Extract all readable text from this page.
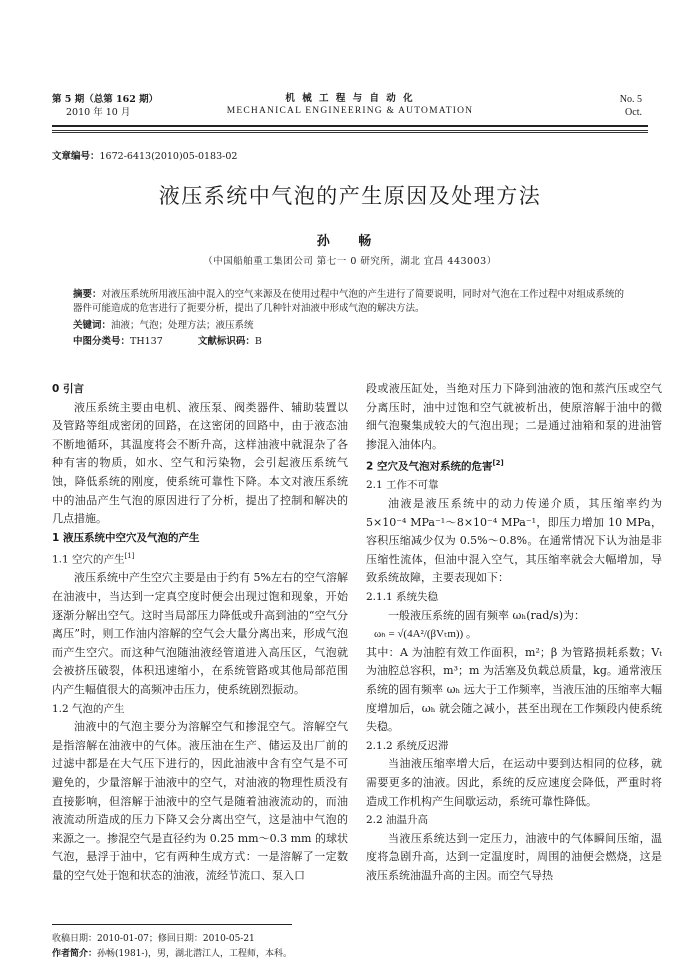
第 5 期（总第 162 期）
2010 年 10 月
机 械 工 程 与 自 动 化
MECHANICAL ENGINEERING & AUTOMATION
No. 5
Oct.
文章编号：1672-6413(2010)05-0183-02
液压系统中气泡的产生原因及处理方法
孙 畅
（中国船舶重工集团公司 第七一 0 研究所，湖北 宜昌 443003）
摘要：对液压系统所用液压油中混入的空气来源及在使用过程中气泡的产生进行了简要说明，同时对气泡在工作过程中对组成系统的器件可能造成的危害进行了扼要分析，提出了几种针对油液中形成气泡的解决方法。
关键词：油液；气泡；处理方法；液压系统
中图分类号：TH137	文献标识码：B
0 引言

液压系统主要由电机、液压泵、阀类器件、辅助装置以及管路等组成密闭的回路，在这密闭的回路中，由于液态油不断地循环，其温度将会不断升高，这样油液中就混杂了各种有害的物质，如水、空气和污染物，会引起液压系统气蚀，降低系统的刚度，使系统可靠性下降。本文对液压系统中的油品产生气泡的原因进行了分析，提出了控制和解决的几点措施。

1 液压系统中空穴及气泡的产生
1.1 空穴的产生[1]

液压系统中产生空穴主要是由于约有 5%左右的空气溶解在油液中，当达到一定真空度时便会出现过饱和现象，开始逐渐分解出空气。这时当局部压力降低或升高到油的“空气分离压”时，则工作油内溶解的空气会大量分离出来，形成气泡而产生空穴。而这种气泡随油液经管道进入高压区，气泡就会被挤压破裂，体积迅速缩小，在系统管路或其他局部范围内产生幅值很大的高频冲击压力，使系统剧烈振动。

1.2 气泡的产生

油液中的气泡主要分为溶解空气和掺混空气。溶解空气是指溶解在油液中的气体。液压油在生产、储运及出厂前的过滤中都是在大气压下进行的，因此油液中含有空气是不可避免的，少量溶解于油液中的空气，对油液的物理性质没有直接影响，但溶解于油液中的空气是随着油液流动的，而油液流动所造成的压力下降又会分离出空气，这是油中气泡的来源之一。掺混空气是直径约为 0.25 mm～0.3 mm 的球状气泡，悬浮于油中，它有两种生成方式：一是溶解了一定数量的空气处于饱和状态的油液，流经节流口、泵入口

段或液压缸处，当绝对压力下降到油液的饱和蒸汽压或空气分离压时，油中过饱和空气就被析出，使原溶解于油中的微细气泡聚集成较大的气泡出现；二是通过油箱和泵的进油管掺混入油体内。

2 空穴及气泡对系统的危害[2]
2.1 工作不可靠

油液是液压系统中的动力传递介质，其压缩率约为 5×10⁻⁴ MPa⁻¹～8×10⁻⁴ MPa⁻¹，即压力增加 10 MPa，容积压缩减少仅为 0.5%～0.8%。在通常情况下认为油是非压缩性流体，但油中混入空气，其压缩率就会大幅增加，导致系统故障，主要表现如下：

2.1.1 系统失稳

一般液压系统的固有频率 ωₕ(rad/s)为：

ωₕ = √(4A²/(βVₜm)) 。

其中：A 为油腔有效工作面积，m²；β 为管路损耗系数；Vₜ 为油腔总容积，m³；m 为活塞及负载总质量，kg。通常液压系统的固有频率 ωₕ 远大于工作频率，当液压油的压缩率大幅度增加后，ωₕ 就会随之减小，甚至出现在工作频段内使系统失稳。

2.1.2 系统反迟滞

当油液压缩率增大后，在运动中要到达相同的位移，就需要更多的油液。因此，系统的反应速度会降低，严重时将造成工作机构产生间歇运动，系统可靠性降低。

2.2 油温升高

当液压系统达到一定压力，油液中的气体瞬间压缩，温度将急剧升高，达到一定温度时，周围的油便会燃烧，这是液压系统油温升高的主因。而空气导热

收稿日期：2010-01-07；修回日期：2010-05-21
作者简介：孙畅(1981-)，男，湖北潜江人，工程师，本科。
